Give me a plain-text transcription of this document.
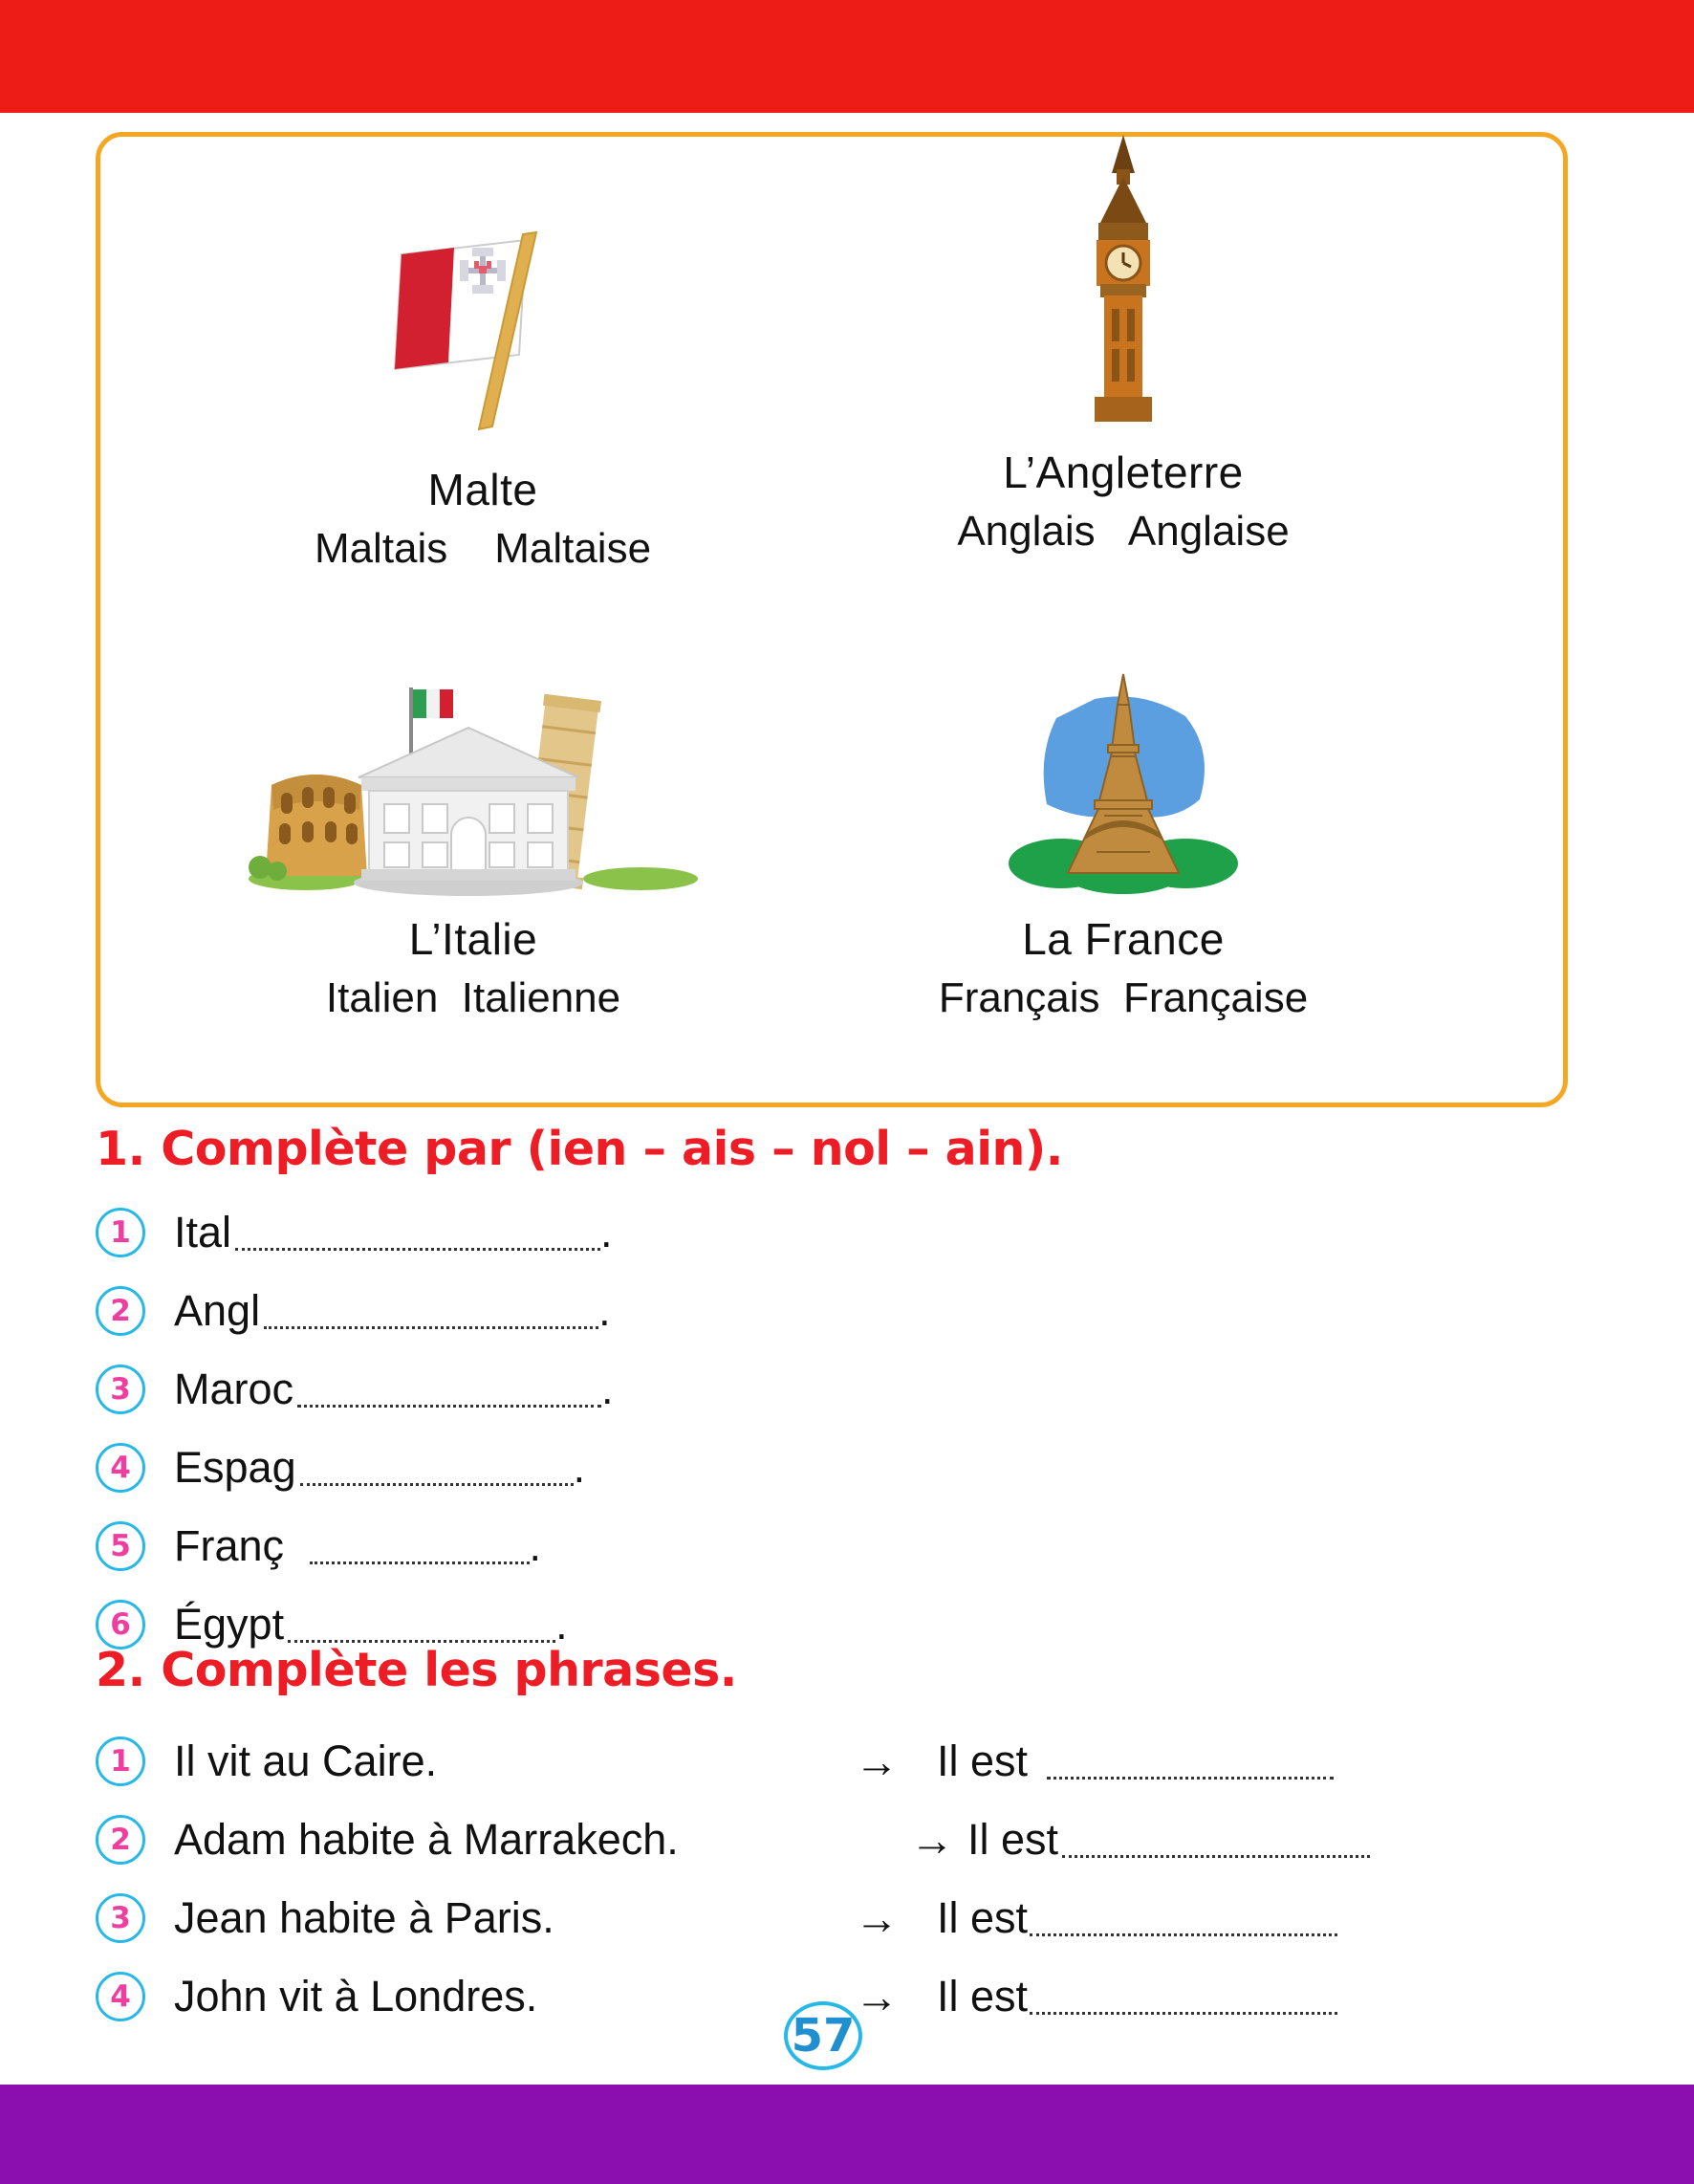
Malte
Maltais    Maltaise
L’Angleterre
Anglais   Anglaise
L’Italie
Italien  Italienne
La France
Français  Française
1. Complète par (ien – ais – nol – ain).
1	Ital	.
2	Angl	.
3	Maroc	.
4	Espag	.
5	Franç	.
6	Égypt	.
2. Complète les phrases.
1	Il vit au Caire.	→ Il est
2	Adam habite à Marrakech.	→ Il est
3	Jean habite à Paris.	→ Il est
4	John vit à Londres.	→ Il est
57
